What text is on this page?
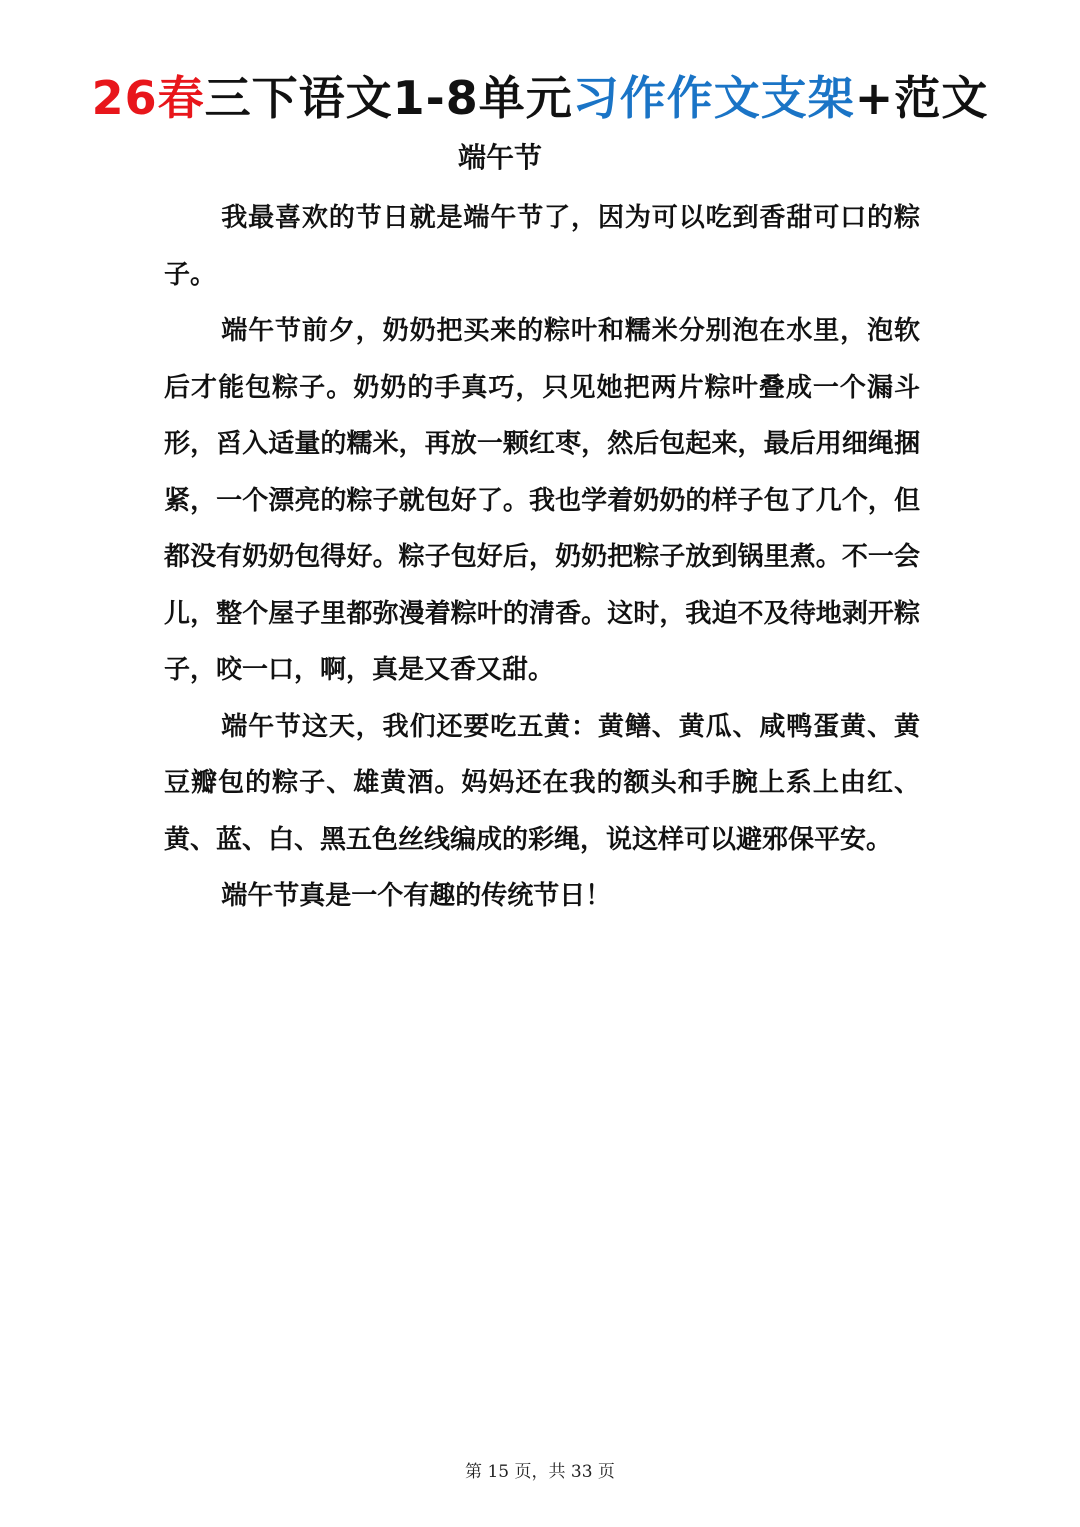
26春三下语文1-8单元习作作文支架+范文
端午节

我最喜欢的节日就是端午节了，因为可以吃到香甜可口的粽子。

端午节前夕，奶奶把买来的粽叶和糯米分别泡在水里，泡软后才能包粽子。奶奶的手真巧，只见她把两片粽叶叠成一个漏斗形，舀入适量的糯米，再放一颗红枣，然后包起来，最后用细绳捆紧，一个漂亮的粽子就包好了。我也学着奶奶的样子包了几个，但都没有奶奶包得好。粽子包好后，奶奶把粽子放到锅里煮。不一会儿，整个屋子里都弥漫着粽叶的清香。这时，我迫不及待地剥开粽子，咬一口，啊，真是又香又甜。

端午节这天，我们还要吃五黄：黄鳝、黄瓜、咸鸭蛋黄、黄豆瓣包的粽子、雄黄酒。妈妈还在我的额头和手腕上系上由红、黄、蓝、白、黑五色丝线编成的彩绳，说这样可以避邪保平安。

端午节真是一个有趣的传统节日！

第 15 页，共 33 页
